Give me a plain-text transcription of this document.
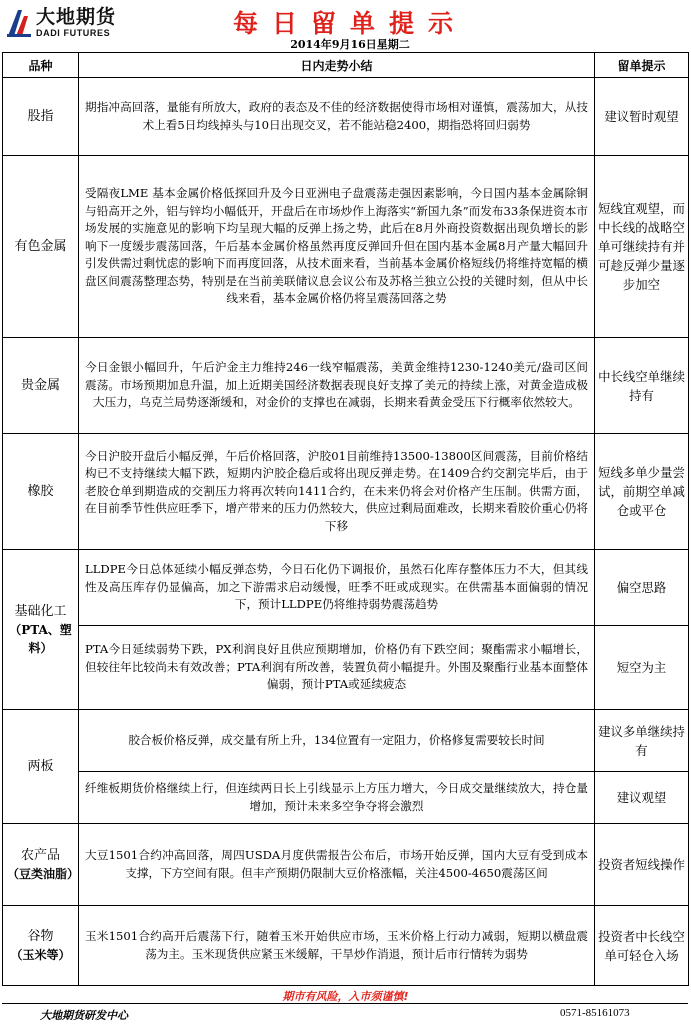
大地期货
DADI FUTURES	每日留单提示
2014年9月16日星期二
品种	日内走势小结	留单提示
股指	期指冲高回落，量能有所放大，政府的表态及不佳的经济数据使得市场相对谨慎，震荡加大，从技术上看5日均线掉头与10日出现交叉，若不能站稳2400，期指恐将回归弱势	建议暂时观望
有色金属	受隔夜LME 基本金属价格低探回升及今日亚洲电子盘震荡走强因素影响，今日国内基本金属除铜与铅高开之外，铝与锌均小幅低开，开盘后在市场炒作上海落实“新国九条”而发布33条保进资本市场发展的实施意见的影响下均呈现大幅的反弹上扬之势，此后在8月外商投资数据出现负增长的影响下一度缓步震荡回落，午后基本金属价格虽然再度反弹回升但在国内基本金属8月产量大幅回升引发供需过剩忧虑的影响下而再度回落，从技术面来看，当前基本金属价格短线仍将维持宽幅的横盘区间震荡整理态势，特别是在当前美联储议息会议公布及苏格兰独立公投的关键时刻，但从中长线来看，基本金属价格仍将呈震荡回落之势	短线宜观望，而中长线的战略空单可继续持有并可趁反弹少量逐步加空
贵金属	今日金银小幅回升，午后沪金主力维持246一线窄幅震荡，美黄金维持1230-1240美元/盎司区间震荡。市场预期加息升温，加上近期美国经济数据表现良好支撑了美元的持续上涨，对黄金造成极大压力，乌克兰局势逐渐缓和，对金价的支撑也在减弱，长期来看黄金受压下行概率依然较大。	中长线空单继续持有
橡胶	今日沪胶开盘后小幅反弹，午后价格回落，沪胶01目前维持13500-13800区间震荡，目前价格结构已不支持继续大幅下跌，短期内沪胶企稳后或将出现反弹走势。在1409合约交割完毕后，由于老胶仓单到期造成的交割压力将再次转向1411合约，在未来仍将会对价格产生压制。供需方面，在目前季节性供应旺季下，增产带来的压力仍然较大，供应过剩局面难改，长期来看胶价重心仍将下移	短线多单少量尝试，前期空单减仓或平仓

基础化工
（PTA、塑料）	LLDPE今日总体延续小幅反弹态势，今日石化仍下调报价，虽然石化库存整体压力不大，但其线性及高压库存仍显偏高，加之下游需求启动缓慢，旺季不旺或成现实。在供需基本面偏弱的情况下，预计LLDPE仍将维持弱势震荡趋势	偏空思路
	PTA今日延续弱势下跌，PX利润良好且供应预期增加，价格仍有下跌空间；聚酯需求小幅增长，但较往年比较尚未有效改善；PTA利润有所改善，装置负荷小幅提升。外围及聚酯行业基本面整体偏弱，预计PTA或延续疲态	短空为主
两板	胶合板价格反弹，成交量有所上升，134位置有一定阻力，价格修复需要较长时间	建议多单继续持有
	纤维板期货价格继续上行，但连续两日长上引线显示上方压力增大，今日成交量继续放大，持仓量增加，预计未来多空争夺将会激烈	建议观望

农产品
（豆类油脂）	大豆1501合约冲高回落，周四USDA月度供需报告公布后，市场开始反弹，国内大豆有受到成本支撑，下方空间有限。但丰产预期仍限制大豆价格涨幅，关注4500-4650震荡区间	投资者短线操作

谷物
（玉米等）	玉米1501合约高开后震荡下行，随着玉米开始供应市场，玉米价格上行动力减弱，短期以横盘震荡为主。玉米现货供应紧玉米缓解，干旱炒作消退，预计后市行情转为弱势	投资者中长线空单可轻仓入场
期市有风险，入市须谨慎!
大地期货研发中心	0571-85161073
